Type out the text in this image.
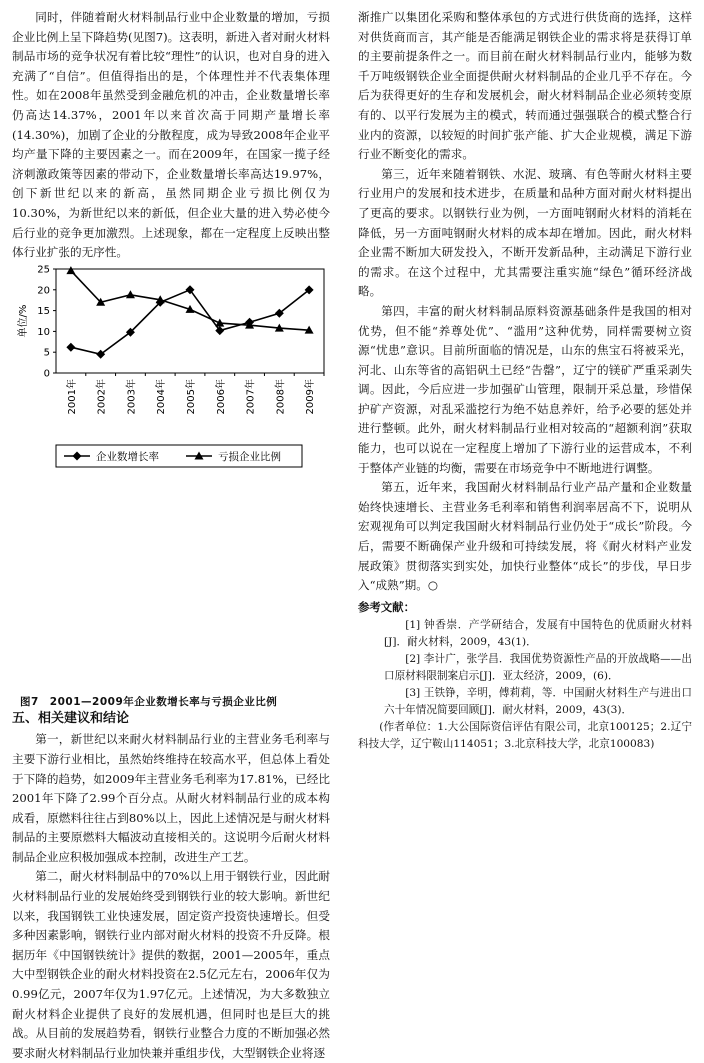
同时，伴随着耐火材料制品行业中企业数量的增加，亏损企业比例上呈下降趋势(见图7)。这表明，新进入者对耐火材料制品市场的竞争状况有着比较“理性”的认识，也对自身的进入充满了“自信”。但值得指出的是，个体理性并不代表集体理性。如在2008年虽然受到金融危机的冲击，企业数量增长率仍高达14.37%，2001年以来首次高于同期产量增长率(14.30%)，加剧了企业的分散程度，成为导致2008年企业平均产量下降的主要因素之一。而在2009年，在国家一揽子经济刺激政策等因素的带动下，企业数量增长率高达19.97%，创下新世纪以来的新高，虽然同期企业亏损比例仅为10.30%，为新世纪以来的新低，但企业大量的进入势必使今后行业的竞争更加激烈。上述现象，都在一定程度上反映出整体行业扩张的无序性。

0
5
10
15
20
25
单位/%
2001年 2002年 2003年 2004年 2005年 2006年 2007年 2008年 2009年
企业数增长率	亏损企业比例
图7　2001—2009年企业数增长率与亏损企业比例
五、相关建议和结论

第一，新世纪以来耐火材料制品行业的主营业务毛利率与主要下游行业相比，虽然始终维持在较高水平，但总体上看处于下降的趋势，如2009年主营业务毛利率为17.81%，已经比2001年下降了2.99个百分点。从耐火材料制品行业的成本构成看，原燃料往往占到80%以上，因此上述情况是与耐火材料制品的主要原燃料大幅波动直接相关的。这说明今后耐火材料制品企业应积极加强成本控制，改进生产工艺。

第二，耐火材料制品中的70%以上用于钢铁行业，因此耐火材料制品行业的发展始终受到钢铁行业的较大影响。新世纪以来，我国钢铁工业快速发展，固定资产投资快速增长。但受多种因素影响，钢铁行业内部对耐火材料的投资不升反降。根据历年《中国钢铁统计》提供的数据，2001—2005年，重点大中型钢铁企业的耐火材料投资在2.5亿元左右，2006年仅为0.99亿元，2007年仅为1.97亿元。上述情况，为大多数独立耐火材料企业提供了良好的发展机遇，但同时也是巨大的挑战。从目前的发展趋势看，钢铁行业整合力度的不断加强必然要求耐火材料制品行业加快兼并重组步伐，大型钢铁企业将逐

渐推广以集团化采购和整体承包的方式进行供货商的选择，这样对供货商而言，其产能是否能满足钢铁企业的需求将是获得订单的主要前提条件之一。而目前在耐火材料制品行业内，能够为数千万吨级钢铁企业全面提供耐火材料制品的企业几乎不存在。今后为获得更好的生存和发展机会，耐火材料制品企业必须转变原有的、以平行发展为主的模式，转而通过强强联合的模式整合行业内的资源，以较短的时间扩张产能、扩大企业规模，满足下游行业不断变化的需求。

第三，近年来随着钢铁、水泥、玻璃、有色等耐火材料主要行业用户的发展和技术进步，在质量和品种方面对耐火材料提出了更高的要求。以钢铁行业为例，一方面吨钢耐火材料的消耗在降低，另一方面吨钢耐火材料的成本却在增加。因此，耐火材料企业需不断加大研发投入，不断开发新品种，主动满足下游行业的需求。在这个过程中，尤其需要注重实施“绿色”循环经济战略。

第四，丰富的耐火材料制品原料资源基础条件是我国的相对优势，但不能“养尊处优”、“滥用”这种优势，同样需要树立资源“忧患”意识。目前所面临的情况是，山东的焦宝石将被采光，河北、山东等省的高铝矾土已经“告罄”，辽宁的镁矿严重采剥失调。因此，今后应进一步加强矿山管理，限制开采总量，珍惜保护矿产资源，对乱采滥挖行为绝不姑息养奸，给予必要的惩处并进行整顿。此外，耐火材料制品行业相对较高的“超额利润”获取能力，也可以说在一定程度上增加了下游行业的运营成本，不利于整体产业链的均衡，需要在市场竞争中不断地进行调整。

第五，近年来，我国耐火材料制品行业产品产量和企业数量始终快速增长、主营业务毛利率和销售利润率居高不下，说明从宏观视角可以判定我国耐火材料制品行业仍处于“成长”阶段。今后，需要不断确保产业升级和可持续发展，将《耐火材料产业发展政策》贯彻落实到实处，加快行业整体“成长”的步伐，早日步入“成熟”期。○

参考文献：

[1] 钟香崇．产学研结合，发展有中国特色的优质耐火材料[J]．耐火材料，2009，43(1)．

[2] 李计广，张学昌．我国优势资源性产品的开放战略——出口原材料限制案启示[J]．亚太经济，2009，(6)．

[3] 王铁铮，辛明，傅莉莉，等．中国耐火材料生产与进出口六十年情况简要回顾[J]．耐火材料，2009，43(3)．

(作者单位：1.大公国际资信评估有限公司，北京100125；2.辽宁科技大学，辽宁鞍山114051；3.北京科技大学，北京100083)
